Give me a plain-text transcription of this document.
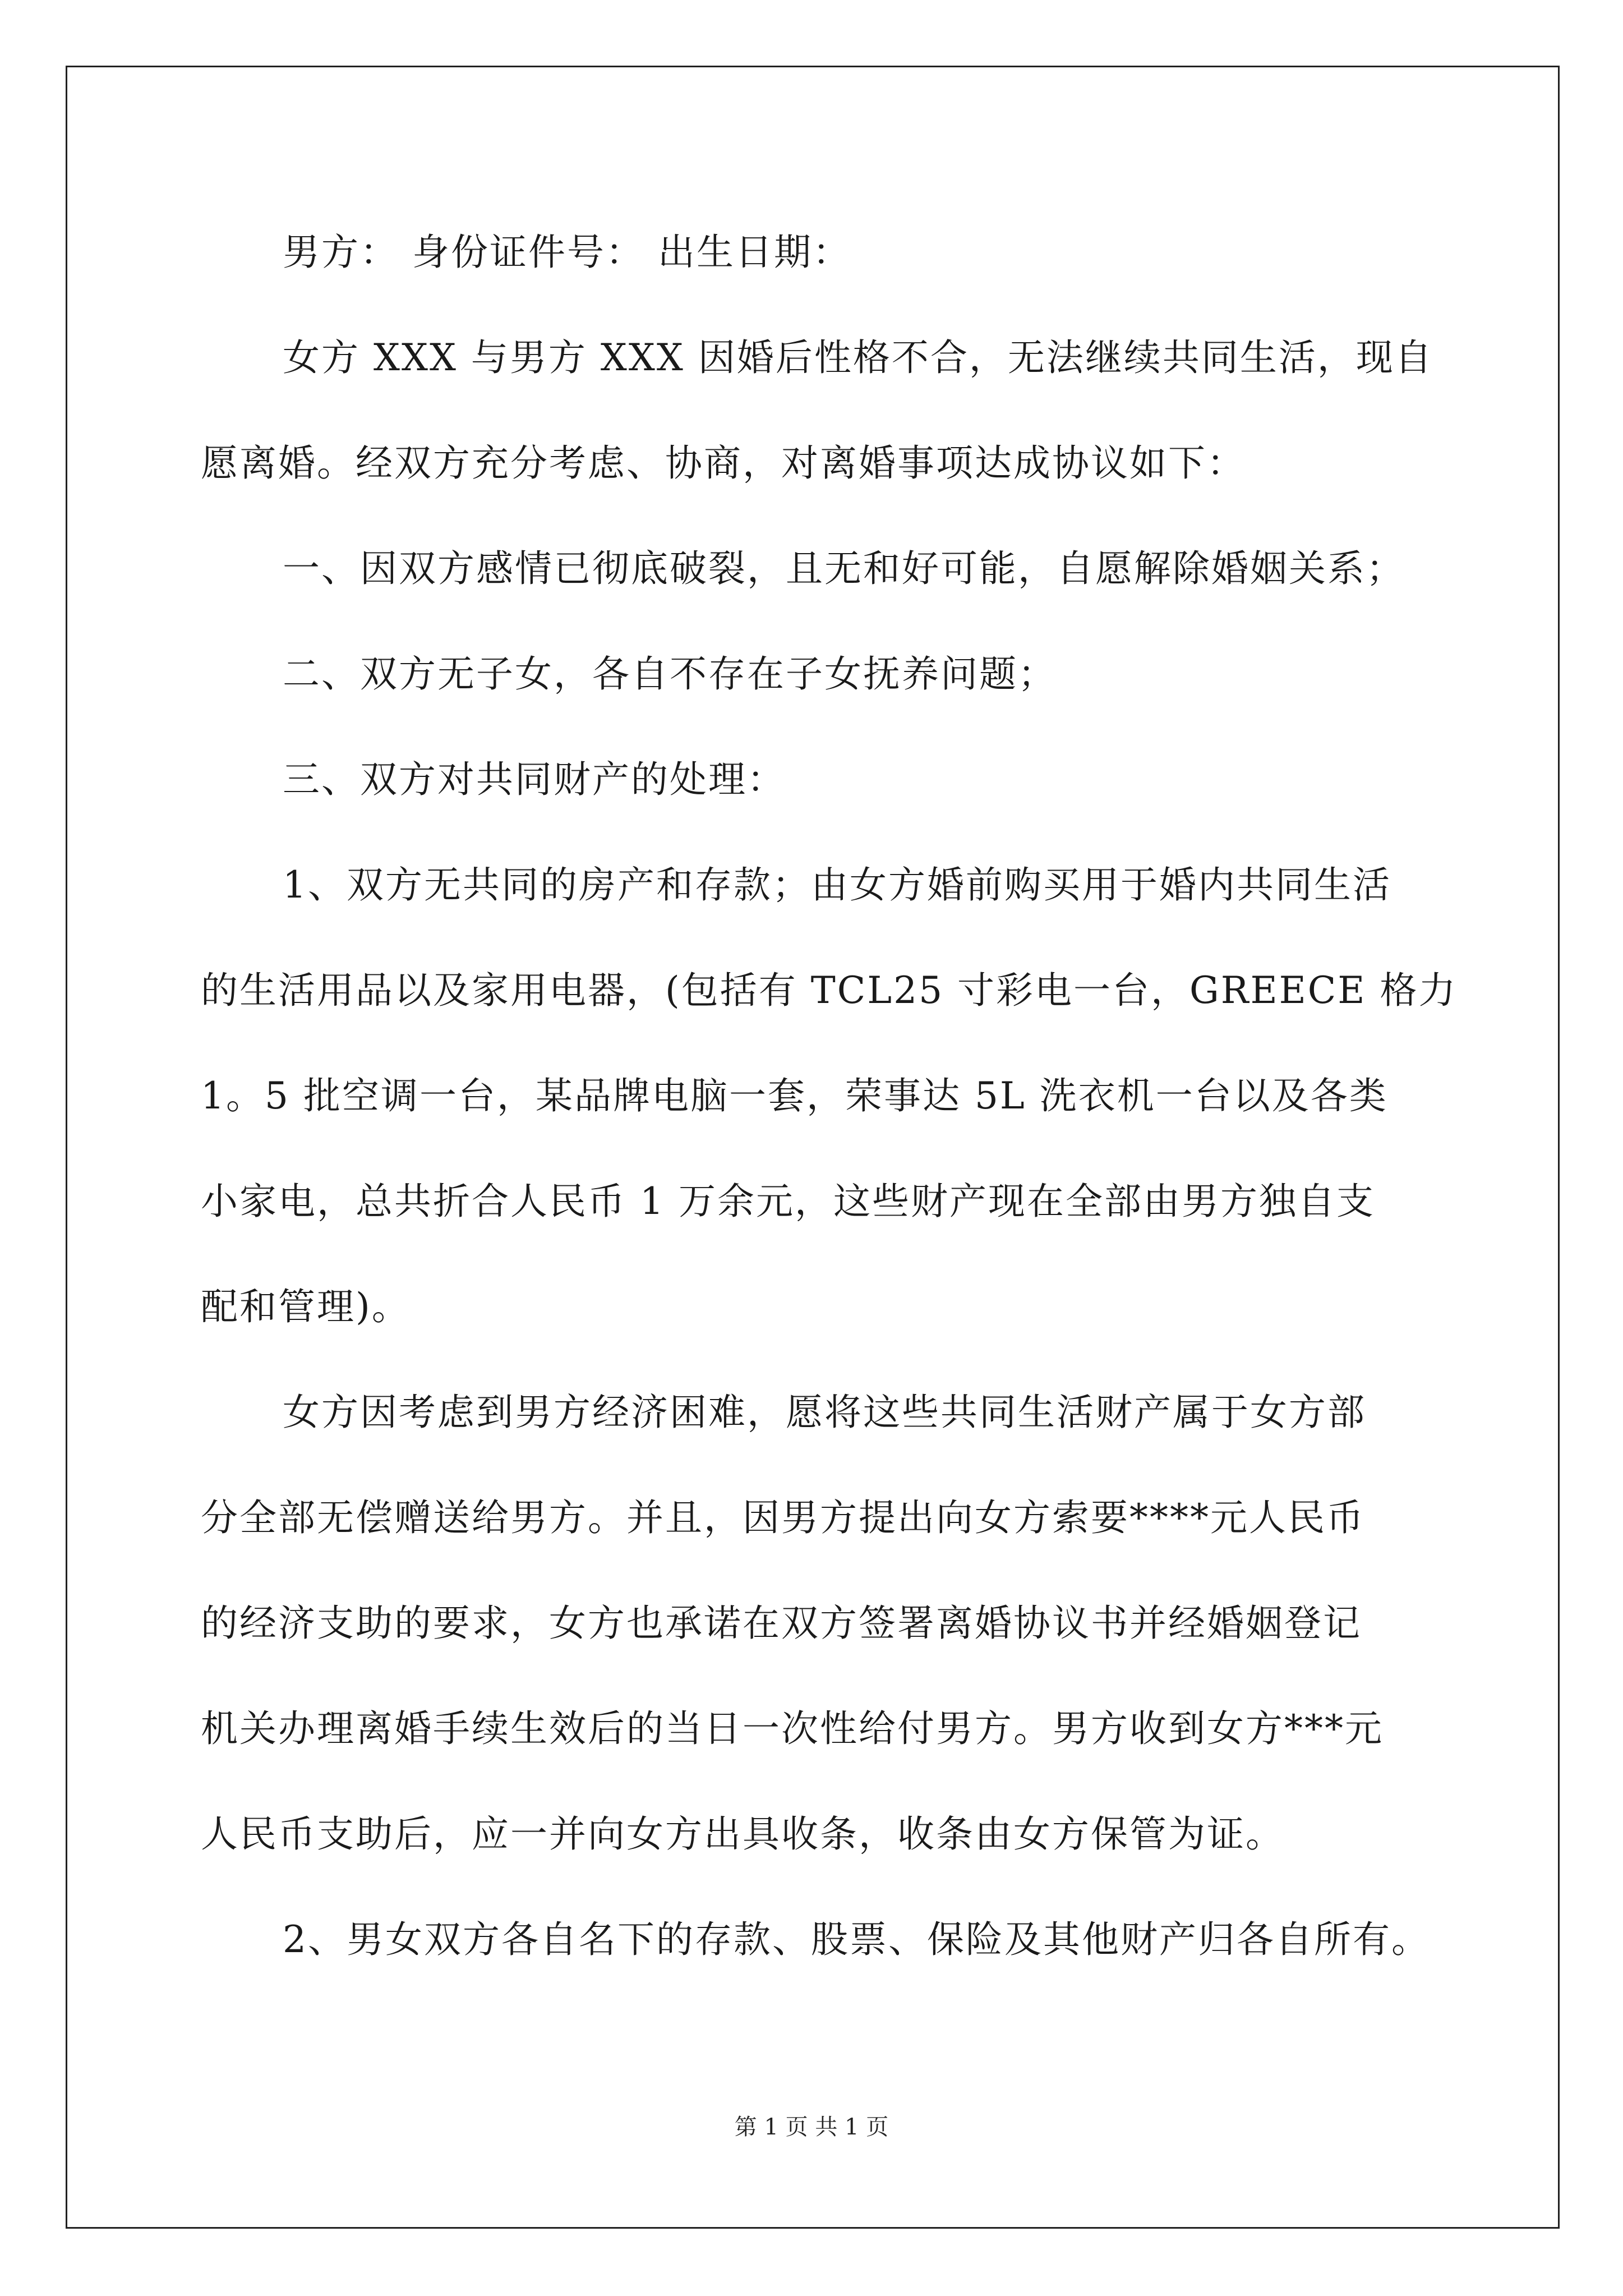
男方： 身份证件号： 出生日期：
女方 XXX 与男方 XXX 因婚后性格不合，无法继续共同生活，现自
愿离婚。经双方充分考虑、协商，对离婚事项达成协议如下：
一、因双方感情已彻底破裂，且无和好可能，自愿解除婚姻关系；
二、双方无子女，各自不存在子女抚养问题；
三、双方对共同财产的处理：
1、双方无共同的房产和存款；由女方婚前购买用于婚内共同生活
的生活用品以及家用电器，(包括有 TCL25 寸彩电一台，GREECE 格力
1。5 批空调一台，某品牌电脑一套，荣事达 5L 洗衣机一台以及各类
小家电，总共折合人民币 1 万余元，这些财产现在全部由男方独自支
配和管理)。
女方因考虑到男方经济困难，愿将这些共同生活财产属于女方部
分全部无偿赠送给男方。并且，因男方提出向女方索要****元人民币
的经济支助的要求，女方也承诺在双方签署离婚协议书并经婚姻登记
机关办理离婚手续生效后的当日一次性给付男方。男方收到女方***元
人民币支助后，应一并向女方出具收条，收条由女方保管为证。
2、男女双方各自名下的存款、股票、保险及其他财产归各自所有。
第 1 页 共 1 页
